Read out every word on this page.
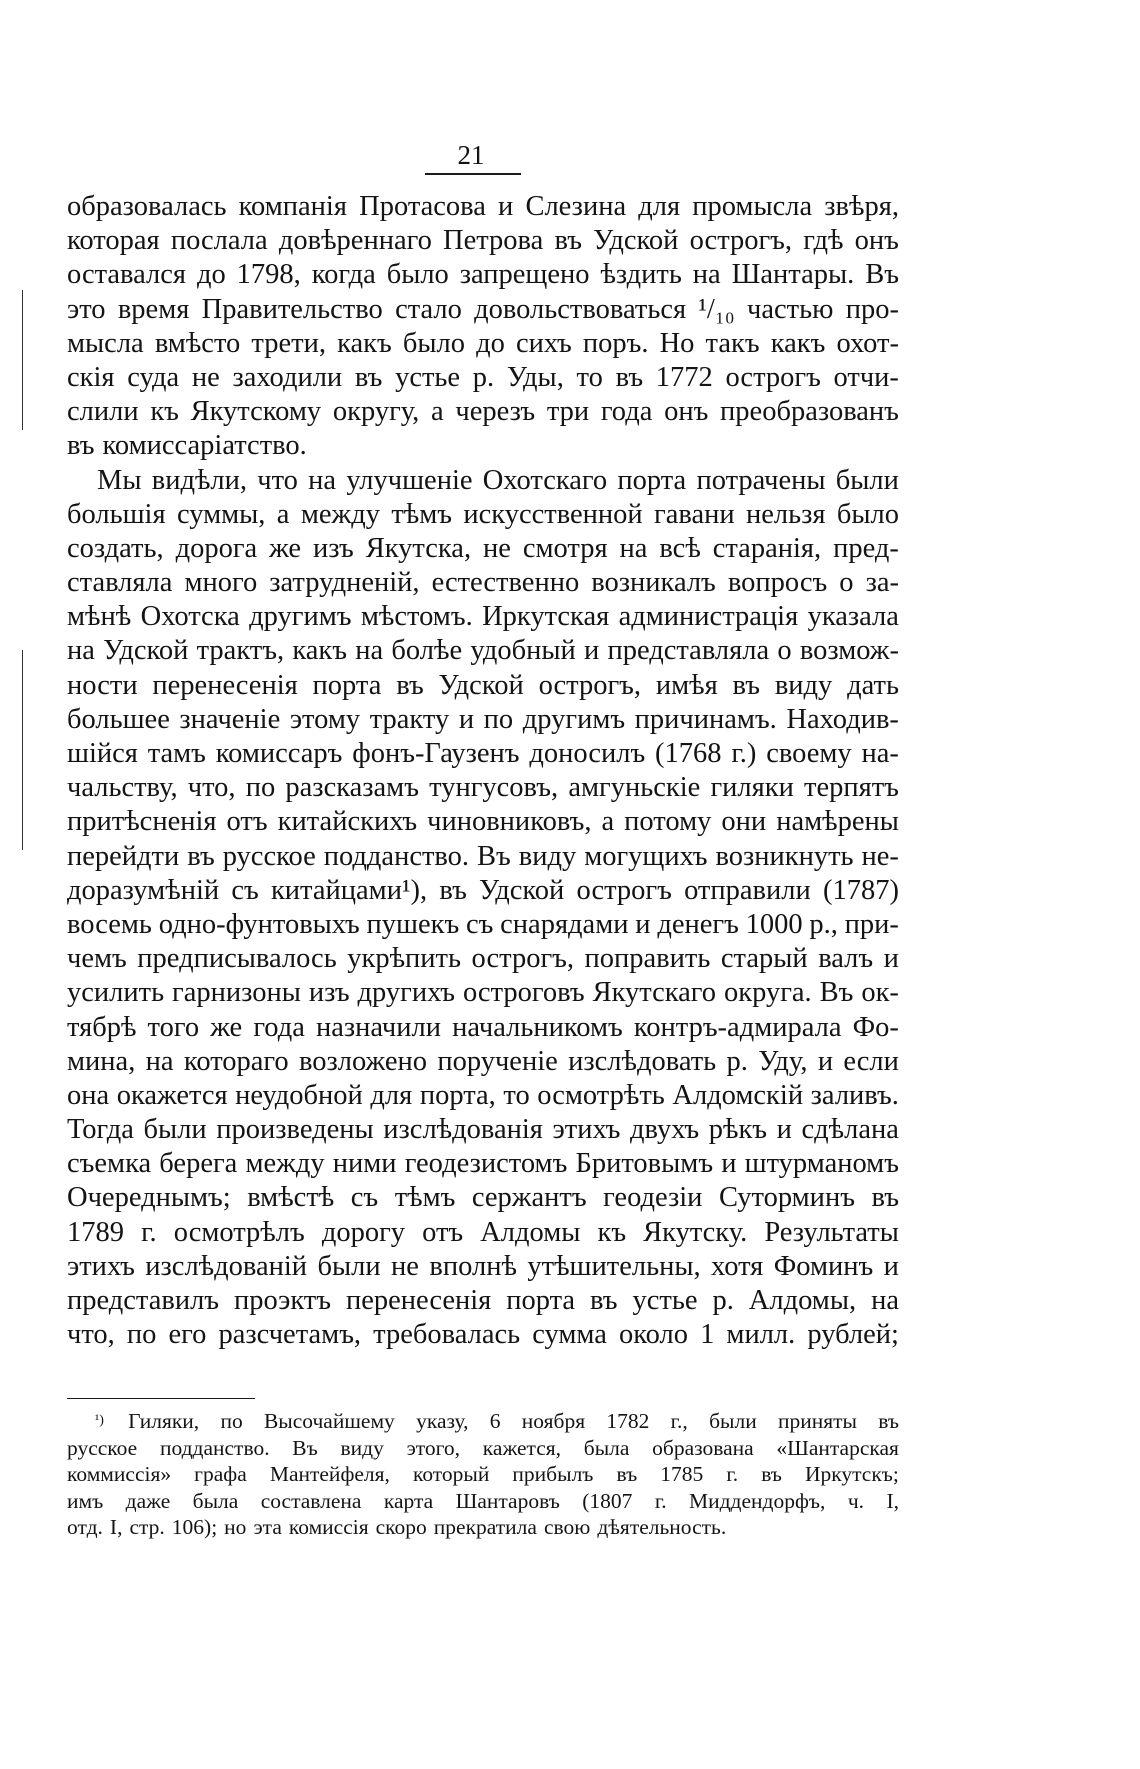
21
образовалась компанія Протасова и Слезина для промысла звѣря,
которая послала довѣреннаго Петрова въ Удской острогъ, гдѣ онъ
оставался до 1798, когда было запрещено ѣздить на Шантары. Въ
это время Правительство стало довольствоваться ¹/₁₀ частью про-
мысла вмѣсто трети, какъ было до сихъ поръ. Но такъ какъ охот-
скія суда не заходили въ устье р. Уды, то въ 1772 острогъ отчи-
слили къ Якутскому округу, а черезъ три года онъ преобразованъ
въ комиссаріатство.
Мы видѣли, что на улучшеніе Охотскаго порта потрачены были
большія суммы, а между тѣмъ искусственной гавани нельзя было
создать, дорога же изъ Якутска, не смотря на всѣ старанія, пред-
ставляла много затрудненій, естественно возникалъ вопросъ о за-
мѣнѣ Охотска другимъ мѣстомъ. Иркутская администрація указала
на Удской трактъ, какъ на болѣе удобный и представляла о возмож-
ности перенесенія порта въ Удской острогъ, имѣя въ виду дать
большее значеніе этому тракту и по другимъ причинамъ. Находив-
шійся тамъ комиссаръ фонъ-Гаузенъ доносилъ (1768 г.) своему на-
чальству, что, по разсказамъ тунгусовъ, амгуньскіе гиляки терпятъ
притѣсненія отъ китайскихъ чиновниковъ, а потому они намѣрены
перейдти въ русское подданство. Въ виду могущихъ возникнуть не-
доразумѣній съ китайцами¹), въ Удской острогъ отправили (1787)
восемь одно-фунтовыхъ пушекъ съ снарядами и денегъ 1000 р., при-
чемъ предписывалось укрѣпить острогъ, поправить старый валъ и
усилить гарнизоны изъ другихъ остроговъ Якутскаго округа. Въ ок-
тябрѣ того же года назначили начальникомъ контръ-адмирала Фо-
мина, на котораго возложено порученіе изслѣдовать р. Уду, и если
она окажется неудобной для порта, то осмотрѣть Алдомскій заливъ.
Тогда были произведены изслѣдованія этихъ двухъ рѣкъ и сдѣлана
съемка берега между ними геодезистомъ Бритовымъ и штурманомъ
Очереднымъ; вмѣстѣ съ тѣмъ сержантъ геодезіи Суторминъ въ
1789 г. осмотрѣлъ дорогу отъ Алдомы къ Якутску. Результаты
этихъ изслѣдованій были не вполнѣ утѣшительны, хотя Фоминъ и
представилъ проэктъ перенесенія порта въ устье р. Алдомы, на
что, по его разсчетамъ, требовалась сумма около 1 милл. рублей;
¹) Гиляки, по Высочайшему указу, 6 ноября 1782 г., были приняты въ
русское подданство. Въ виду этого, кажется, была образована «Шантарская
коммиссія» графа Мантейфеля, который прибылъ въ 1785 г. въ Иркутскъ;
имъ даже была составлена карта Шантаровъ (1807 г. Миддендорфъ, ч. I,
отд. I, стр. 106); но эта комиссія скоро прекратила свою дѣятельность.
